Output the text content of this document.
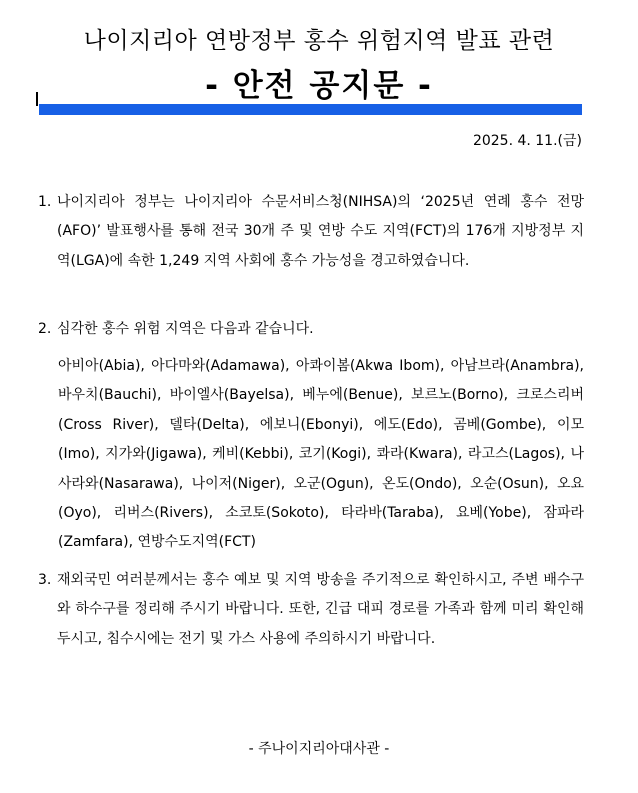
나이지리아 연방정부 홍수 위험지역 발표 관련
- 안전 공지문 -
2025. 4. 11.(금)
1. 나이지리아 정부는 나이지리아 수문서비스청(NIHSA)의 ‘2025년 연례 홍수 전망(AFO)’ 발표행사를 통해 전국 30개 주 및 연방 수도 지역(FCT)의 176개 지방정부 지역(LGA)에 속한 1,249 지역 사회에 홍수 가능성을 경고하였습니다.
2. 심각한 홍수 위험 지역은 다음과 같습니다.
아비아(Abia), 아다마와(Adamawa), 아콰이봄(Akwa Ibom), 아남브라(Anambra), 바우치(Bauchi), 바이엘사(Bayelsa), 베누에(Benue), 보르노(Borno), 크로스리버(Cross River), 델타(Delta), 에보니(Ebonyi), 에도(Edo), 곰베(Gombe), 이모(Imo), 지가와(Jigawa), 케비(Kebbi), 코기(Kogi), 콰라(Kwara), 라고스(Lagos), 나사라와(Nasarawa), 나이저(Niger), 오군(Ogun), 온도(Ondo), 오순(Osun), 오요(Oyo), 리버스(Rivers), 소코토(Sokoto), 타라바(Taraba), 요베(Yobe), 잠파라(Zamfara), 연방수도지역(FCT)
3. 재외국민 여러분께서는 홍수 예보 및 지역 방송을 주기적으로 확인하시고, 주변 배수구와 하수구를 정리해 주시기 바랍니다. 또한, 긴급 대피 경로를 가족과 함께 미리 확인해 두시고, 침수시에는 전기 및 가스 사용에 주의하시기 바랍니다.
- 주나이지리아대사관 -
